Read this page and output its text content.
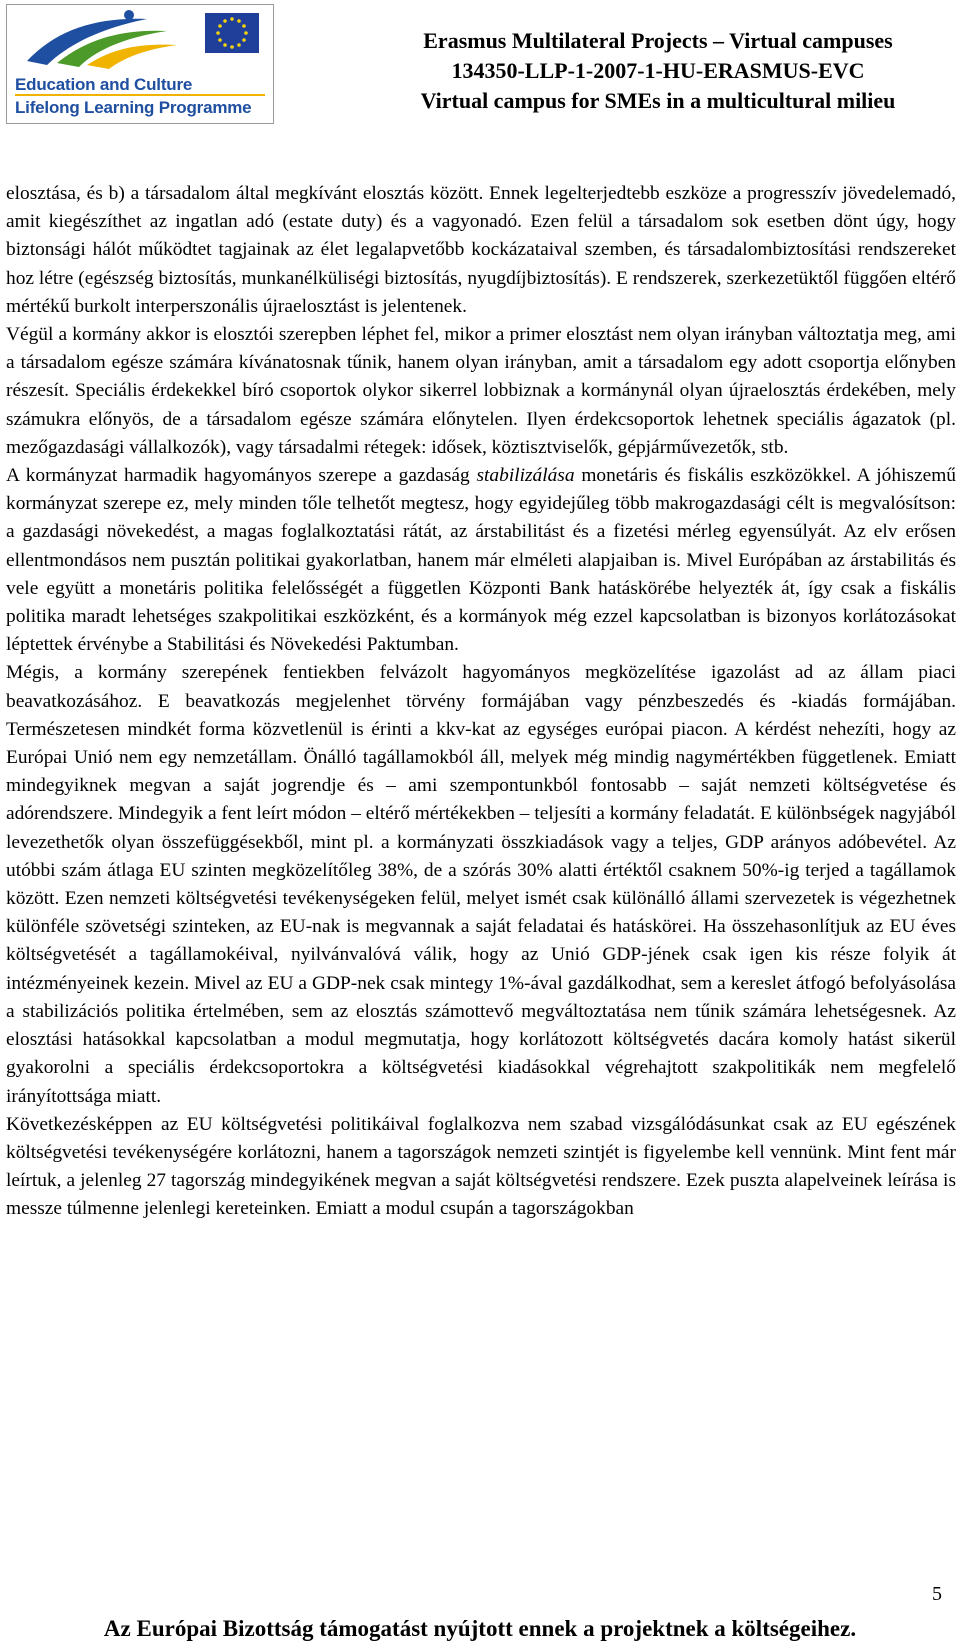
Education and Culture
Lifelong Learning Programme
Erasmus Multilateral Projects – Virtual campuses
134350-LLP-1-2007-1-HU-ERASMUS-EVC
Virtual campus for SMEs in a multicultural milieu

elosztása, és b) a társadalom által megkívánt elosztás között. Ennek legelterjedtebb eszköze a progresszív jövedelemadó, amit kiegészíthet az ingatlan adó (estate duty) és a vagyonadó. Ezen felül a társadalom sok esetben dönt úgy, hogy biztonsági hálót működtet tagjainak az élet legalapvetőbb kockázataival szemben, és társadalombiztosítási rendszereket hoz létre (egészség biztosítás, munkanélküliségi biztosítás, nyugdíjbiztosítás). E rendszerek, szerkezetüktől függően eltérő mértékű burkolt interperszonális újraelosztást is jelentenek.

Végül a kormány akkor is elosztói szerepben léphet fel, mikor a primer elosztást nem olyan irányban változtatja meg, ami a társadalom egésze számára kívánatosnak tűnik, hanem olyan irányban, amit a társadalom egy adott csoportja előnyben részesít. Speciális érdekekkel bíró csoportok olykor sikerrel lobbiznak a kormánynál olyan újraelosztás érdekében, mely számukra előnyös, de a társadalom egésze számára előnytelen. Ilyen érdekcsoportok lehetnek speciális ágazatok (pl. mezőgazdasági vállalkozók), vagy társadalmi rétegek: idősek, köztisztviselők, gépjárművezetők, stb.

A kormányzat harmadik hagyományos szerepe a gazdaság stabilizálása monetáris és fiskális eszközökkel. A jóhiszemű kormányzat szerepe ez, mely minden tőle telhetőt megtesz, hogy egyidejűleg több makrogazdasági célt is megvalósítson: a gazdasági növekedést, a magas foglalkoztatási rátát, az árstabilitást és a fizetési mérleg egyensúlyát. Az elv erősen ellentmondásos nem pusztán politikai gyakorlatban, hanem már elméleti alapjaiban is. Mivel Európában az árstabilitás és vele együtt a monetáris politika felelősségét a független Központi Bank hatáskörébe helyezték át, így csak a fiskális politika maradt lehetséges szakpolitikai eszközként, és a kormányok még ezzel kapcsolatban is bizonyos korlátozásokat léptettek érvénybe a Stabilitási és Növekedési Paktumban.

Mégis, a kormány szerepének fentiekben felvázolt hagyományos megközelítése igazolást ad az állam piaci beavatkozásához. E beavatkozás megjelenhet törvény formájában vagy pénzbeszedés és -kiadás formájában. Természetesen mindkét forma közvetlenül is érinti a kkv-kat az egységes európai piacon. A kérdést nehezíti, hogy az Európai Unió nem egy nemzetállam. Önálló tagállamokból áll, melyek még mindig nagymértékben függetlenek. Emiatt mindegyiknek megvan a saját jogrendje és – ami szempontunkból fontosabb – saját nemzeti költségvetése és adórendszere. Mindegyik a fent leírt módon – eltérő mértékekben – teljesíti a kormány feladatát. E különbségek nagyjából levezethetők olyan összefüggésekből, mint pl. a kormányzati összkiadások vagy a teljes, GDP arányos adóbevétel. Az utóbbi szám átlaga EU szinten megközelítőleg 38%, de a szórás 30% alatti értéktől csaknem 50%-ig terjed a tagállamok között. Ezen nemzeti költségvetési tevékenységeken felül, melyet ismét csak különálló állami szervezetek is végezhetnek különféle szövetségi szinteken, az EU-nak is megvannak a saját feladatai és hatáskörei. Ha összehasonlítjuk az EU éves költségvetését a tagállamokéival, nyilvánvalóvá válik, hogy az Unió GDP-jének csak igen kis része folyik át intézményeinek kezein. Mivel az EU a GDP-nek csak mintegy 1%-ával gazdálkodhat, sem a kereslet átfogó befolyásolása a stabilizációs politika értelmében, sem az elosztás számottevő megváltoztatása nem tűnik számára lehetségesnek. Az elosztási hatásokkal kapcsolatban a modul megmutatja, hogy korlátozott költségvetés dacára komoly hatást sikerül gyakorolni a speciális érdekcsoportokra a költségvetési kiadásokkal végrehajtott szakpolitikák nem megfelelő irányítottsága miatt.

Következésképpen az EU költségvetési politikáival foglalkozva nem szabad vizsgálódásunkat csak az EU egészének költségvetési tevékenységére korlátozni, hanem a tagországok nemzeti szintjét is figyelembe kell vennünk. Mint fent már leírtuk, a jelenleg 27 tagország mindegyikének megvan a saját költségvetési rendszere. Ezek puszta alapelveinek leírása is messze túlmenne jelenlegi kereteinken. Emiatt a modul csupán a tagországokban

5
Az Európai Bizottság támogatást nyújtott ennek a projektnek a költségeihez.
